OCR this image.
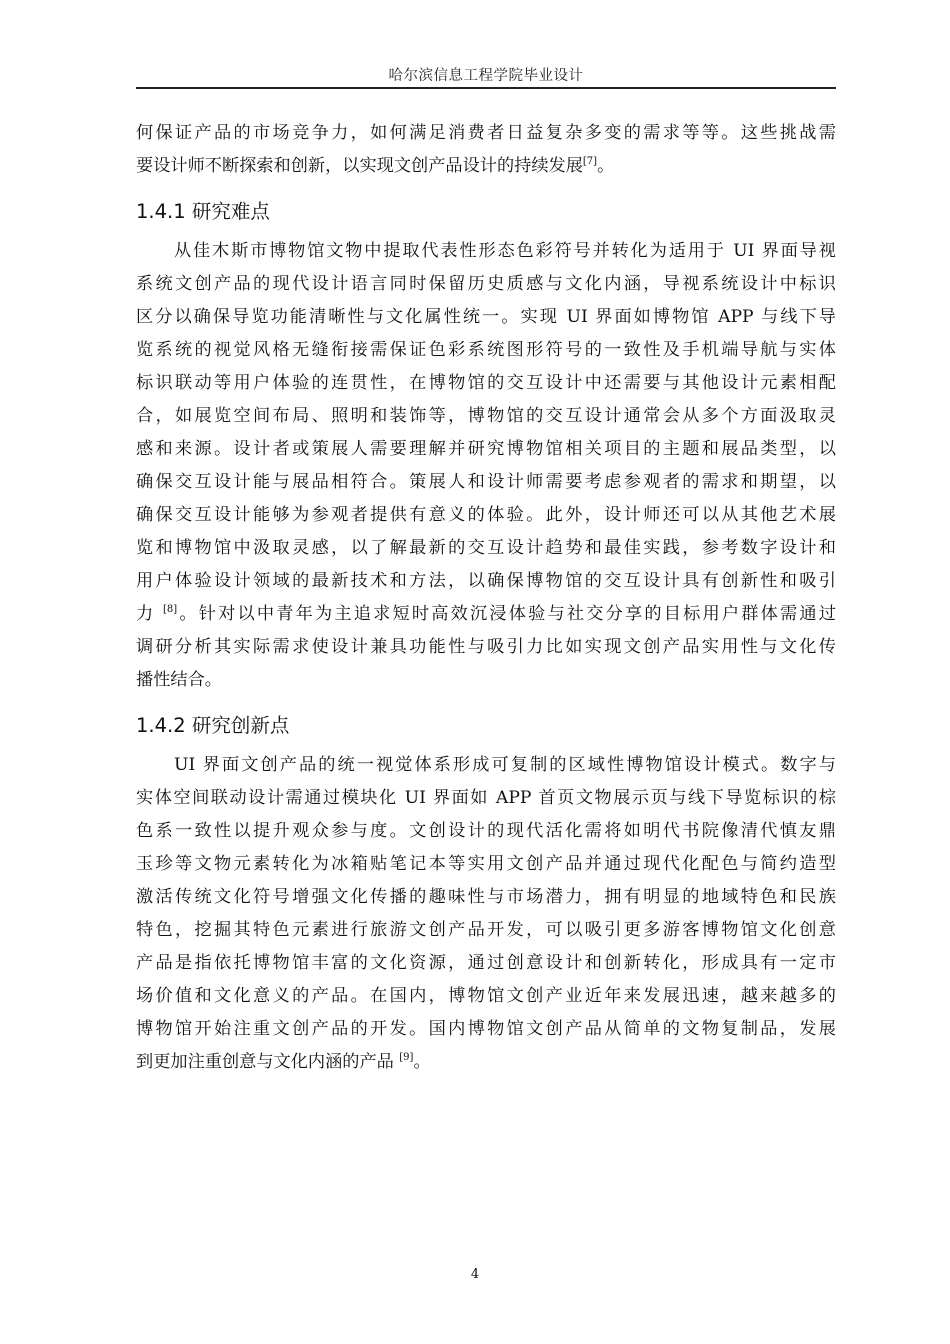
哈尔滨信息工程学院毕业设计
何保证产品的市场竞争力，如何满足消费者日益复杂多变的需求等等。这些挑战需
要设计师不断探索和创新，以实现文创产品设计的持续发展[7]。
1.4.1 研究难点
从佳木斯市博物馆文物中提取代表性形态色彩符号并转化为适用于 UI 界面导视
系统文创产品的现代设计语言同时保留历史质感与文化内涵，导视系统设计中标识
区分以确保导览功能清晰性与文化属性统一。实现 UI 界面如博物馆 APP 与线下导
览系统的视觉风格无缝衔接需保证色彩系统图形符号的一致性及手机端导航与实体
标识联动等用户体验的连贯性，在博物馆的交互设计中还需要与其他设计元素相配
合，如展览空间布局、照明和装饰等，博物馆的交互设计通常会从多个方面汲取灵
感和来源。设计者或策展人需要理解并研究博物馆相关项目的主题和展品类型，以
确保交互设计能与展品相符合。策展人和设计师需要考虑参观者的需求和期望，以
确保交互设计能够为参观者提供有意义的体验。此外，设计师还可以从其他艺术展
览和博物馆中汲取灵感，以了解最新的交互设计趋势和最佳实践，参考数字设计和
用户体验设计领域的最新技术和方法，以确保博物馆的交互设计具有创新性和吸引
力 [8]。针对以中青年为主追求短时高效沉浸体验与社交分享的目标用户群体需通过
调研分析其实际需求使设计兼具功能性与吸引力比如实现文创产品实用性与文化传
播性结合。
1.4.2 研究创新点
UI 界面文创产品的统一视觉体系形成可复制的区域性博物馆设计模式。数字与
实体空间联动设计需通过模块化 UI 界面如 APP 首页文物展示页与线下导览标识的棕
色系一致性以提升观众参与度。文创设计的现代活化需将如明代书院像清代慎友鼎
玉珍等文物元素转化为冰箱贴笔记本等实用文创产品并通过现代化配色与简约造型
激活传统文化符号增强文化传播的趣味性与市场潜力，拥有明显的地域特色和民族
特色，挖掘其特色元素进行旅游文创产品开发，可以吸引更多游客博物馆文化创意
产品是指依托博物馆丰富的文化资源，通过创意设计和创新转化，形成具有一定市
场价值和文化意义的产品。在国内，博物馆文创产业近年来发展迅速，越来越多的
博物馆开始注重文创产品的开发。国内博物馆文创产品从简单的文物复制品，发展
到更加注重创意与文化内涵的产品 [9]。
4
